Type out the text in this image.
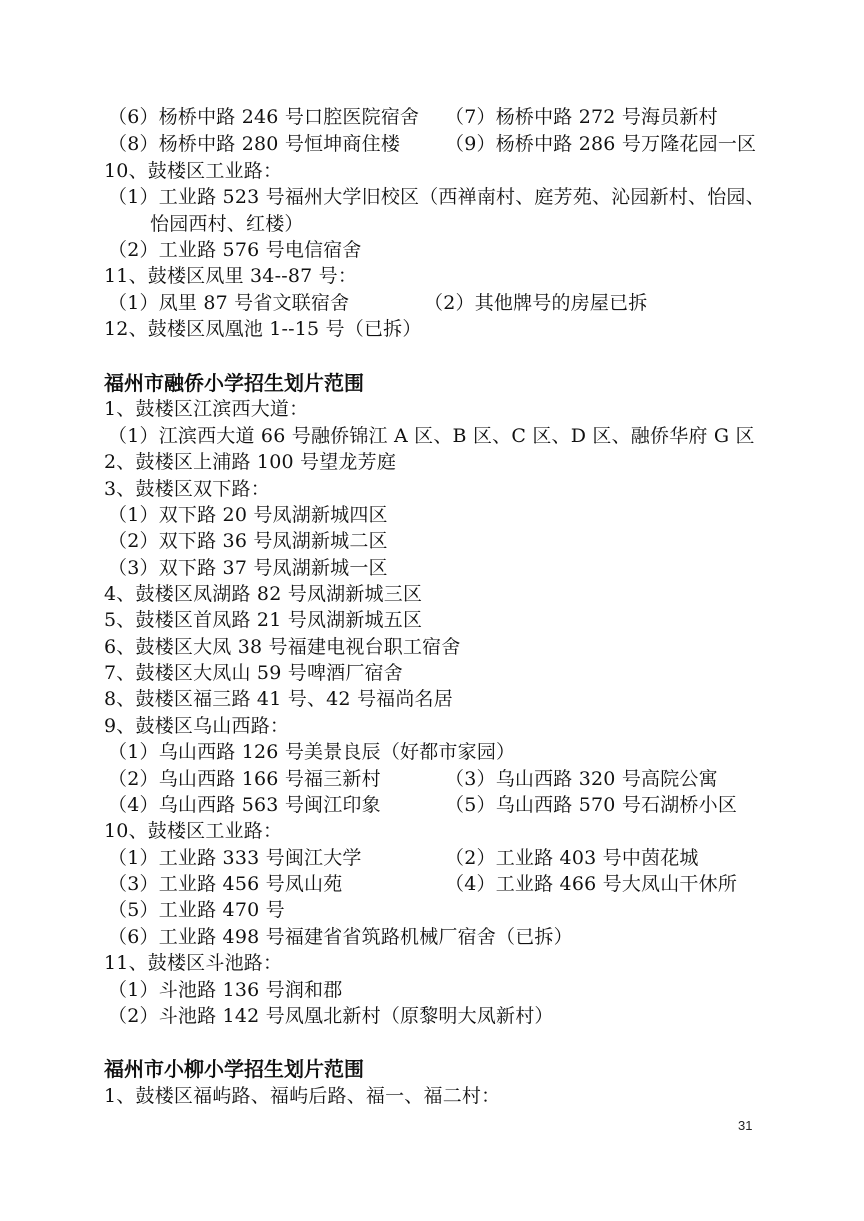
（6）杨桥中路 246 号口腔医院宿舍 （7）杨桥中路 272 号海员新村
（8）杨桥中路 280 号恒坤商住楼 （9）杨桥中路 286 号万隆花园一区
10、鼓楼区工业路：
（1）工业路 523 号福州大学旧校区（西禅南村、庭芳苑、沁园新村、怡园、
怡园西村、红楼）
（2）工业路 576 号电信宿舍
11、鼓楼区凤里 34--87 号：
（1）凤里 87 号省文联宿舍	（2）其他牌号的房屋已拆
12、鼓楼区凤凰池 1--15 号（已拆）
福州市融侨小学招生划片范围
1、鼓楼区江滨西大道：
（1）江滨西大道 66 号融侨锦江 A 区、B 区、C 区、D 区、融侨华府 G 区
2、鼓楼区上浦路 100 号望龙芳庭
3、鼓楼区双下路：
（1）双下路 20 号凤湖新城四区
（2）双下路 36 号凤湖新城二区
（3）双下路 37 号凤湖新城一区
4、鼓楼区凤湖路 82 号凤湖新城三区
5、鼓楼区首凤路 21 号凤湖新城五区
6、鼓楼区大凤 38 号福建电视台职工宿舍
7、鼓楼区大凤山 59 号啤酒厂宿舍
8、鼓楼区福三路 41 号、42 号福尚名居
9、鼓楼区乌山西路：
（1）乌山西路 126 号美景良辰（好都市家园）
（2）乌山西路 166 号福三新村	（3）乌山西路 320 号高院公寓
（4）乌山西路 563 号闽江印象	（5）乌山西路 570 号石湖桥小区
10、鼓楼区工业路：
（1）工业路 333 号闽江大学	（2）工业路 403 号中茵花城
（3）工业路 456 号凤山苑	（4）工业路 466 号大凤山干休所
（5）工业路 470 号
（6）工业路 498 号福建省省筑路机械厂宿舍（已拆）
11、鼓楼区斗池路：
（1）斗池路 136 号润和郡
（2）斗池路 142 号凤凰北新村（原黎明大凤新村）
福州市小柳小学招生划片范围
1、鼓楼区福屿路、福屿后路、福一、福二村：
31
